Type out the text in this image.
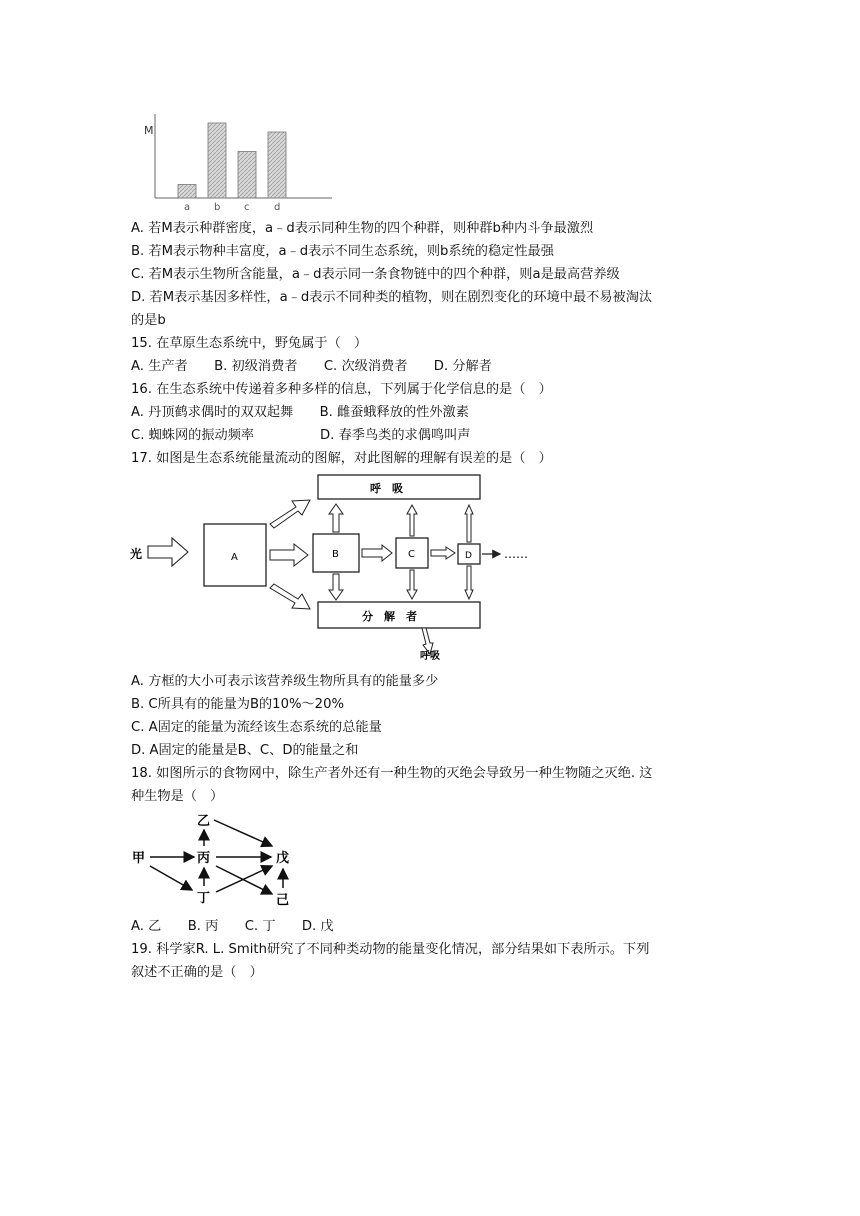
M
a b c d
A. 若M表示种群密度，a﹣d表示同种生物的四个种群，则种群b种内斗争最激烈
B. 若M表示物种丰富度，a﹣d表示不同生态系统，则b系统的稳定性最强
C. 若M表示生物所含能量，a﹣d表示同一条食物链中的四个种群，则a是最高营养级
D. 若M表示基因多样性，a﹣d表示不同种类的植物，则在剧烈变化的环境中最不易被淘汰
的是b
15. 在草原生态系统中，野兔属于（　）
A. 生产者　　B. 初级消费者　　C. 次级消费者　　D. 分解者
16. 在生态系统中传递着多种多样的信息，下列属于化学信息的是（　）
A. 丹顶鹤求偶时的双双起舞　　B. 雌蚕蛾释放的性外激素
C. 蜘蛛网的振动频率　　　　　D. 春季鸟类的求偶鸣叫声
17. 如图是生态系统能量流动的图解，对此图解的理解有误差的是（　）
呼　吸
分　解　者
光	A	B	C	D	……
呼吸
A. 方框的大小可表示该营养级生物所具有的能量多少
B. C所具有的能量为B的10%～20%
C. A固定的能量为流经该生态系统的总能量
D. A固定的能量是B、C、D的能量之和
18. 如图所示的食物网中，除生产者外还有一种生物的灭绝会导致另一种生物随之灭绝. 这
种生物是（　）
甲
乙
丙
丁
戊
己
A. 乙　　B. 丙　　C. 丁　　D. 戊
19. 科学家R. L. Smith研究了不同种类动物的能量变化情况，部分结果如下表所示。下列
叙述不正确的是（　）
